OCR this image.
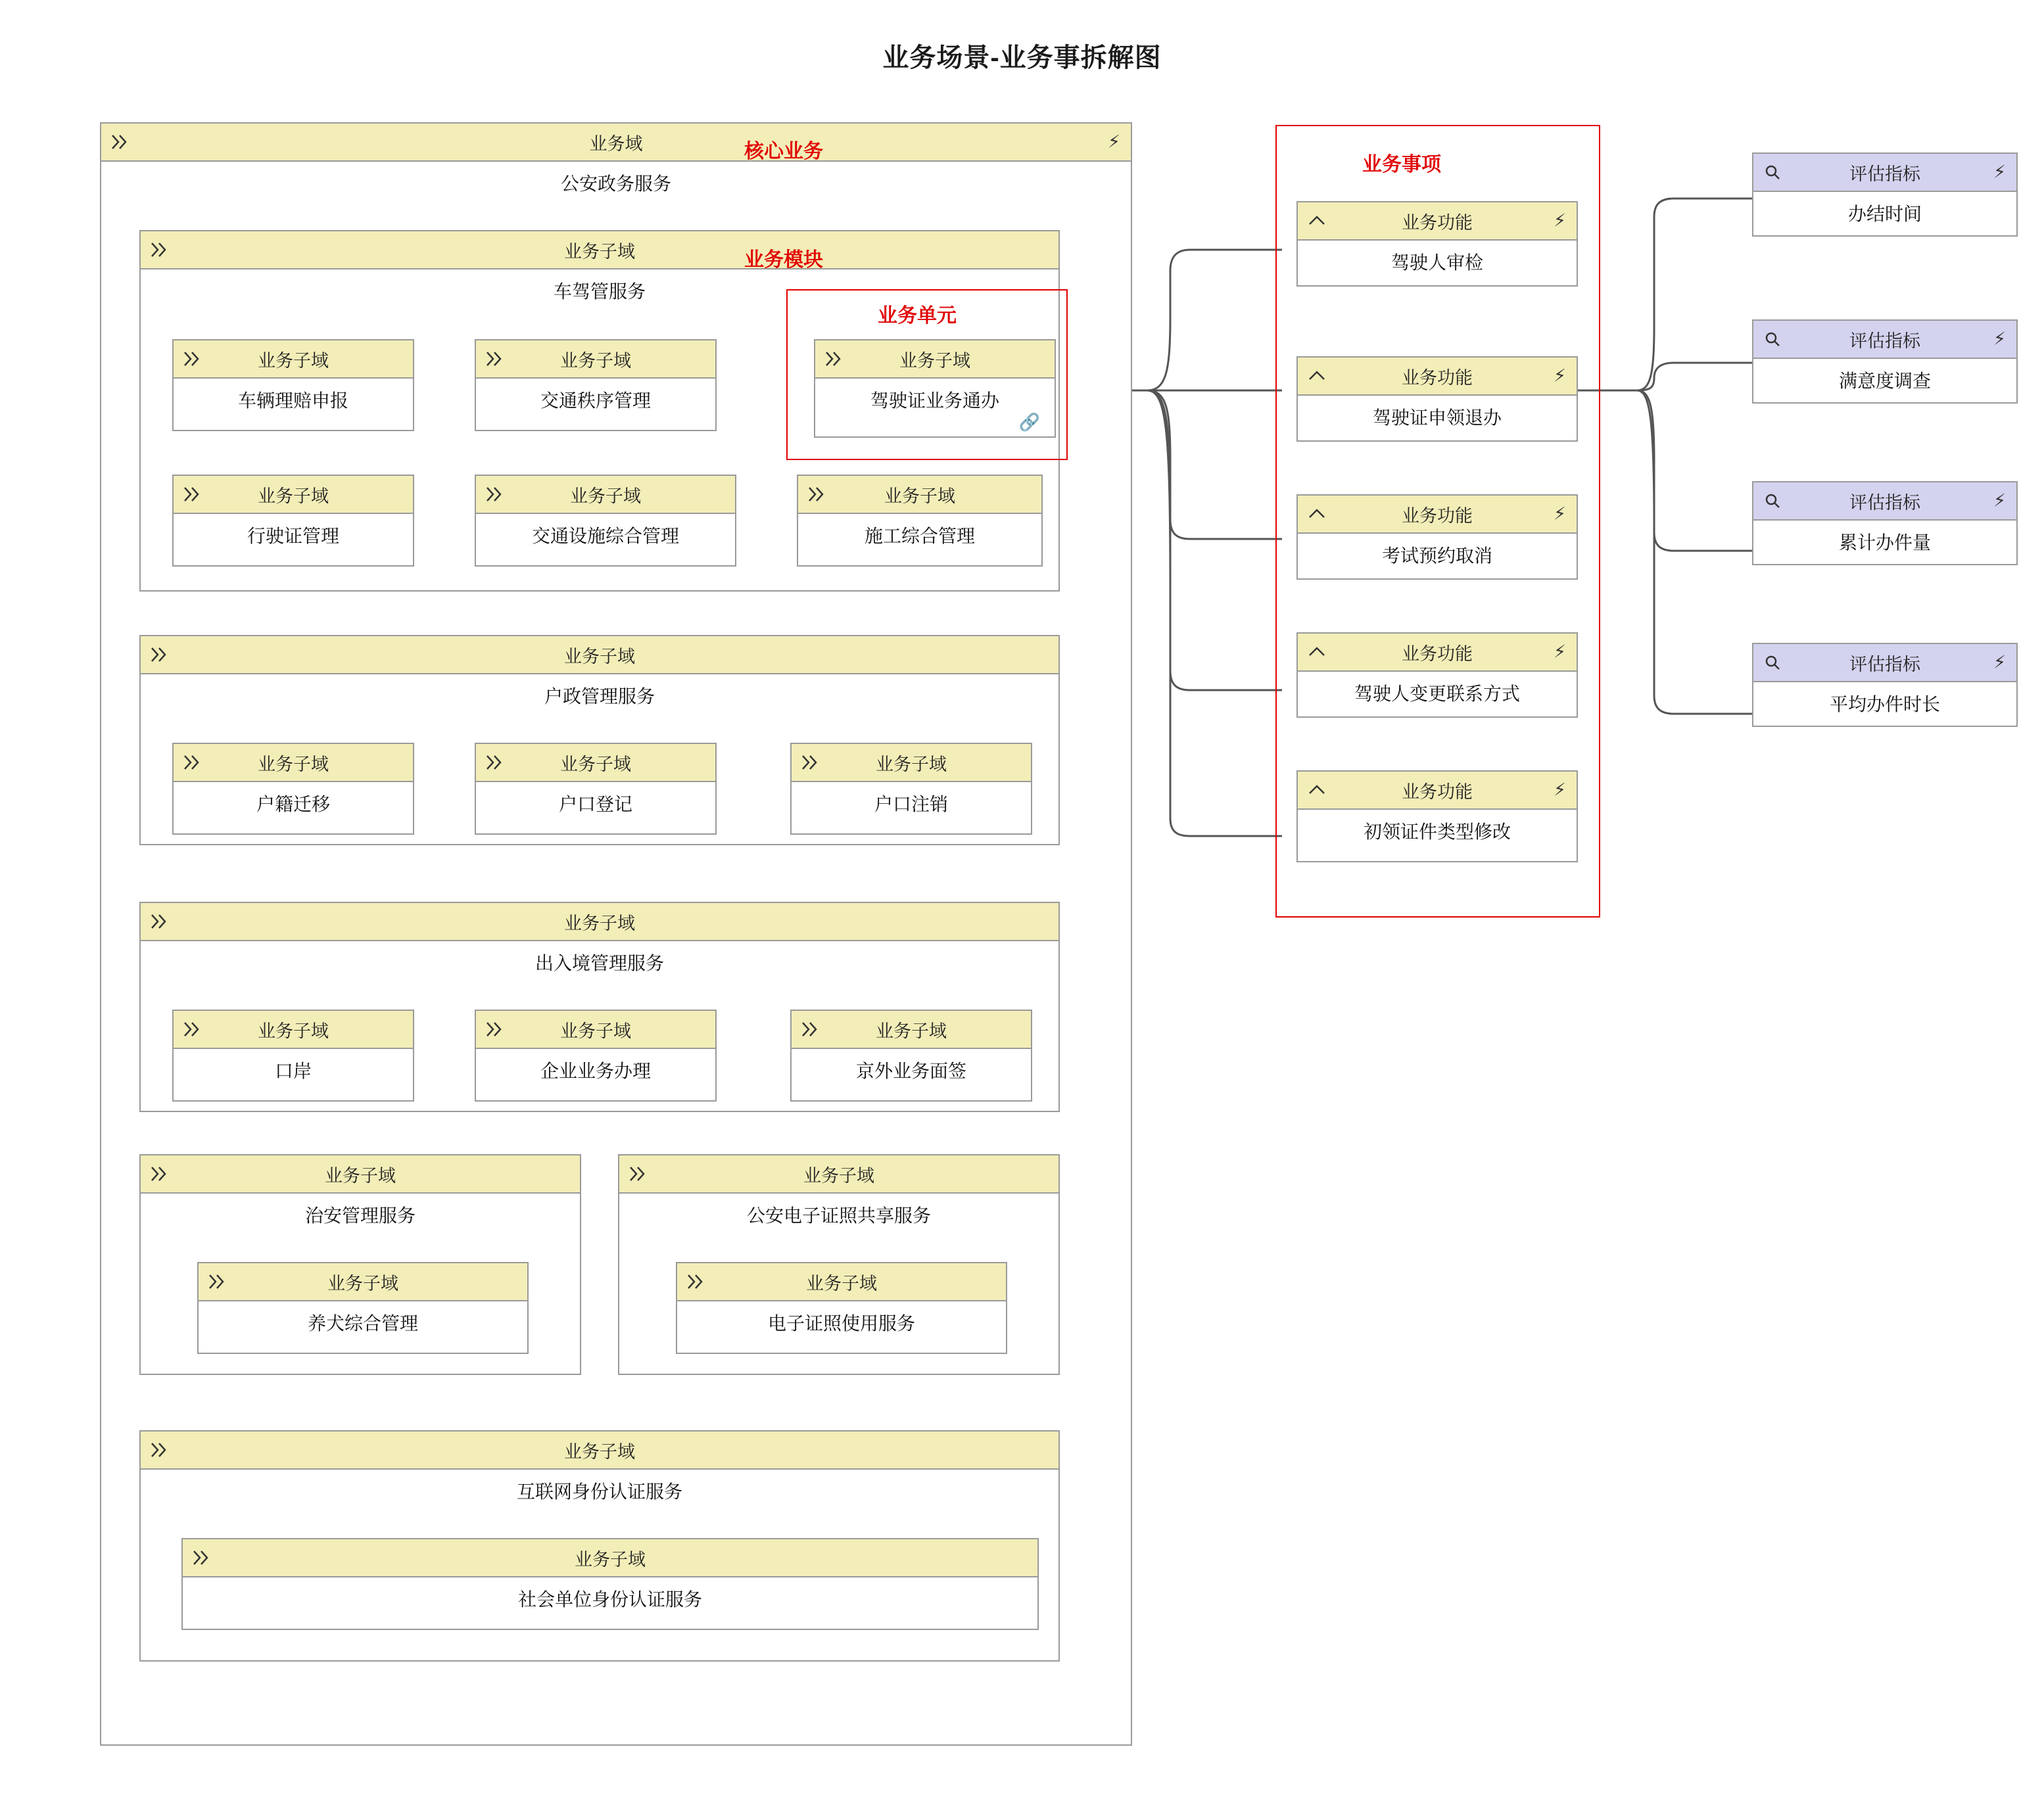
业务场景-业务事拆解图
业务域	⚡
公安政务服务
核心业务
业务子域
车驾管服务
业务模块
业务子域
车辆理赔申报
业务子域
交通秩序管理
业务子域
驾驶证业务通办
🔗
业务子域
行驶证管理
业务子域
交通设施综合管理
业务子域
施工综合管理
业务单元
业务子域
户政管理服务
业务子域
户籍迁移
业务子域
户口登记
业务子域
户口注销
业务子域
出入境管理服务
业务子域
口岸
业务子域
企业业务办理
业务子域
京外业务面签
业务子域
治安管理服务
业务子域
养犬综合管理
业务子域
公安电子证照共享服务
业务子域
电子证照使用服务
业务子域
互联网身份认证服务
业务子域
社会单位身份认证服务
业务事项
业务功能	⚡
驾驶人审检
业务功能	⚡
驾驶证申领退办
业务功能	⚡
考试预约取消
业务功能	⚡
驾驶人变更联系方式
业务功能	⚡
初领证件类型修改
评估指标	⚡
办结时间
评估指标	⚡
满意度调查
评估指标	⚡
累计办件量
评估指标	⚡
平均办件时长
